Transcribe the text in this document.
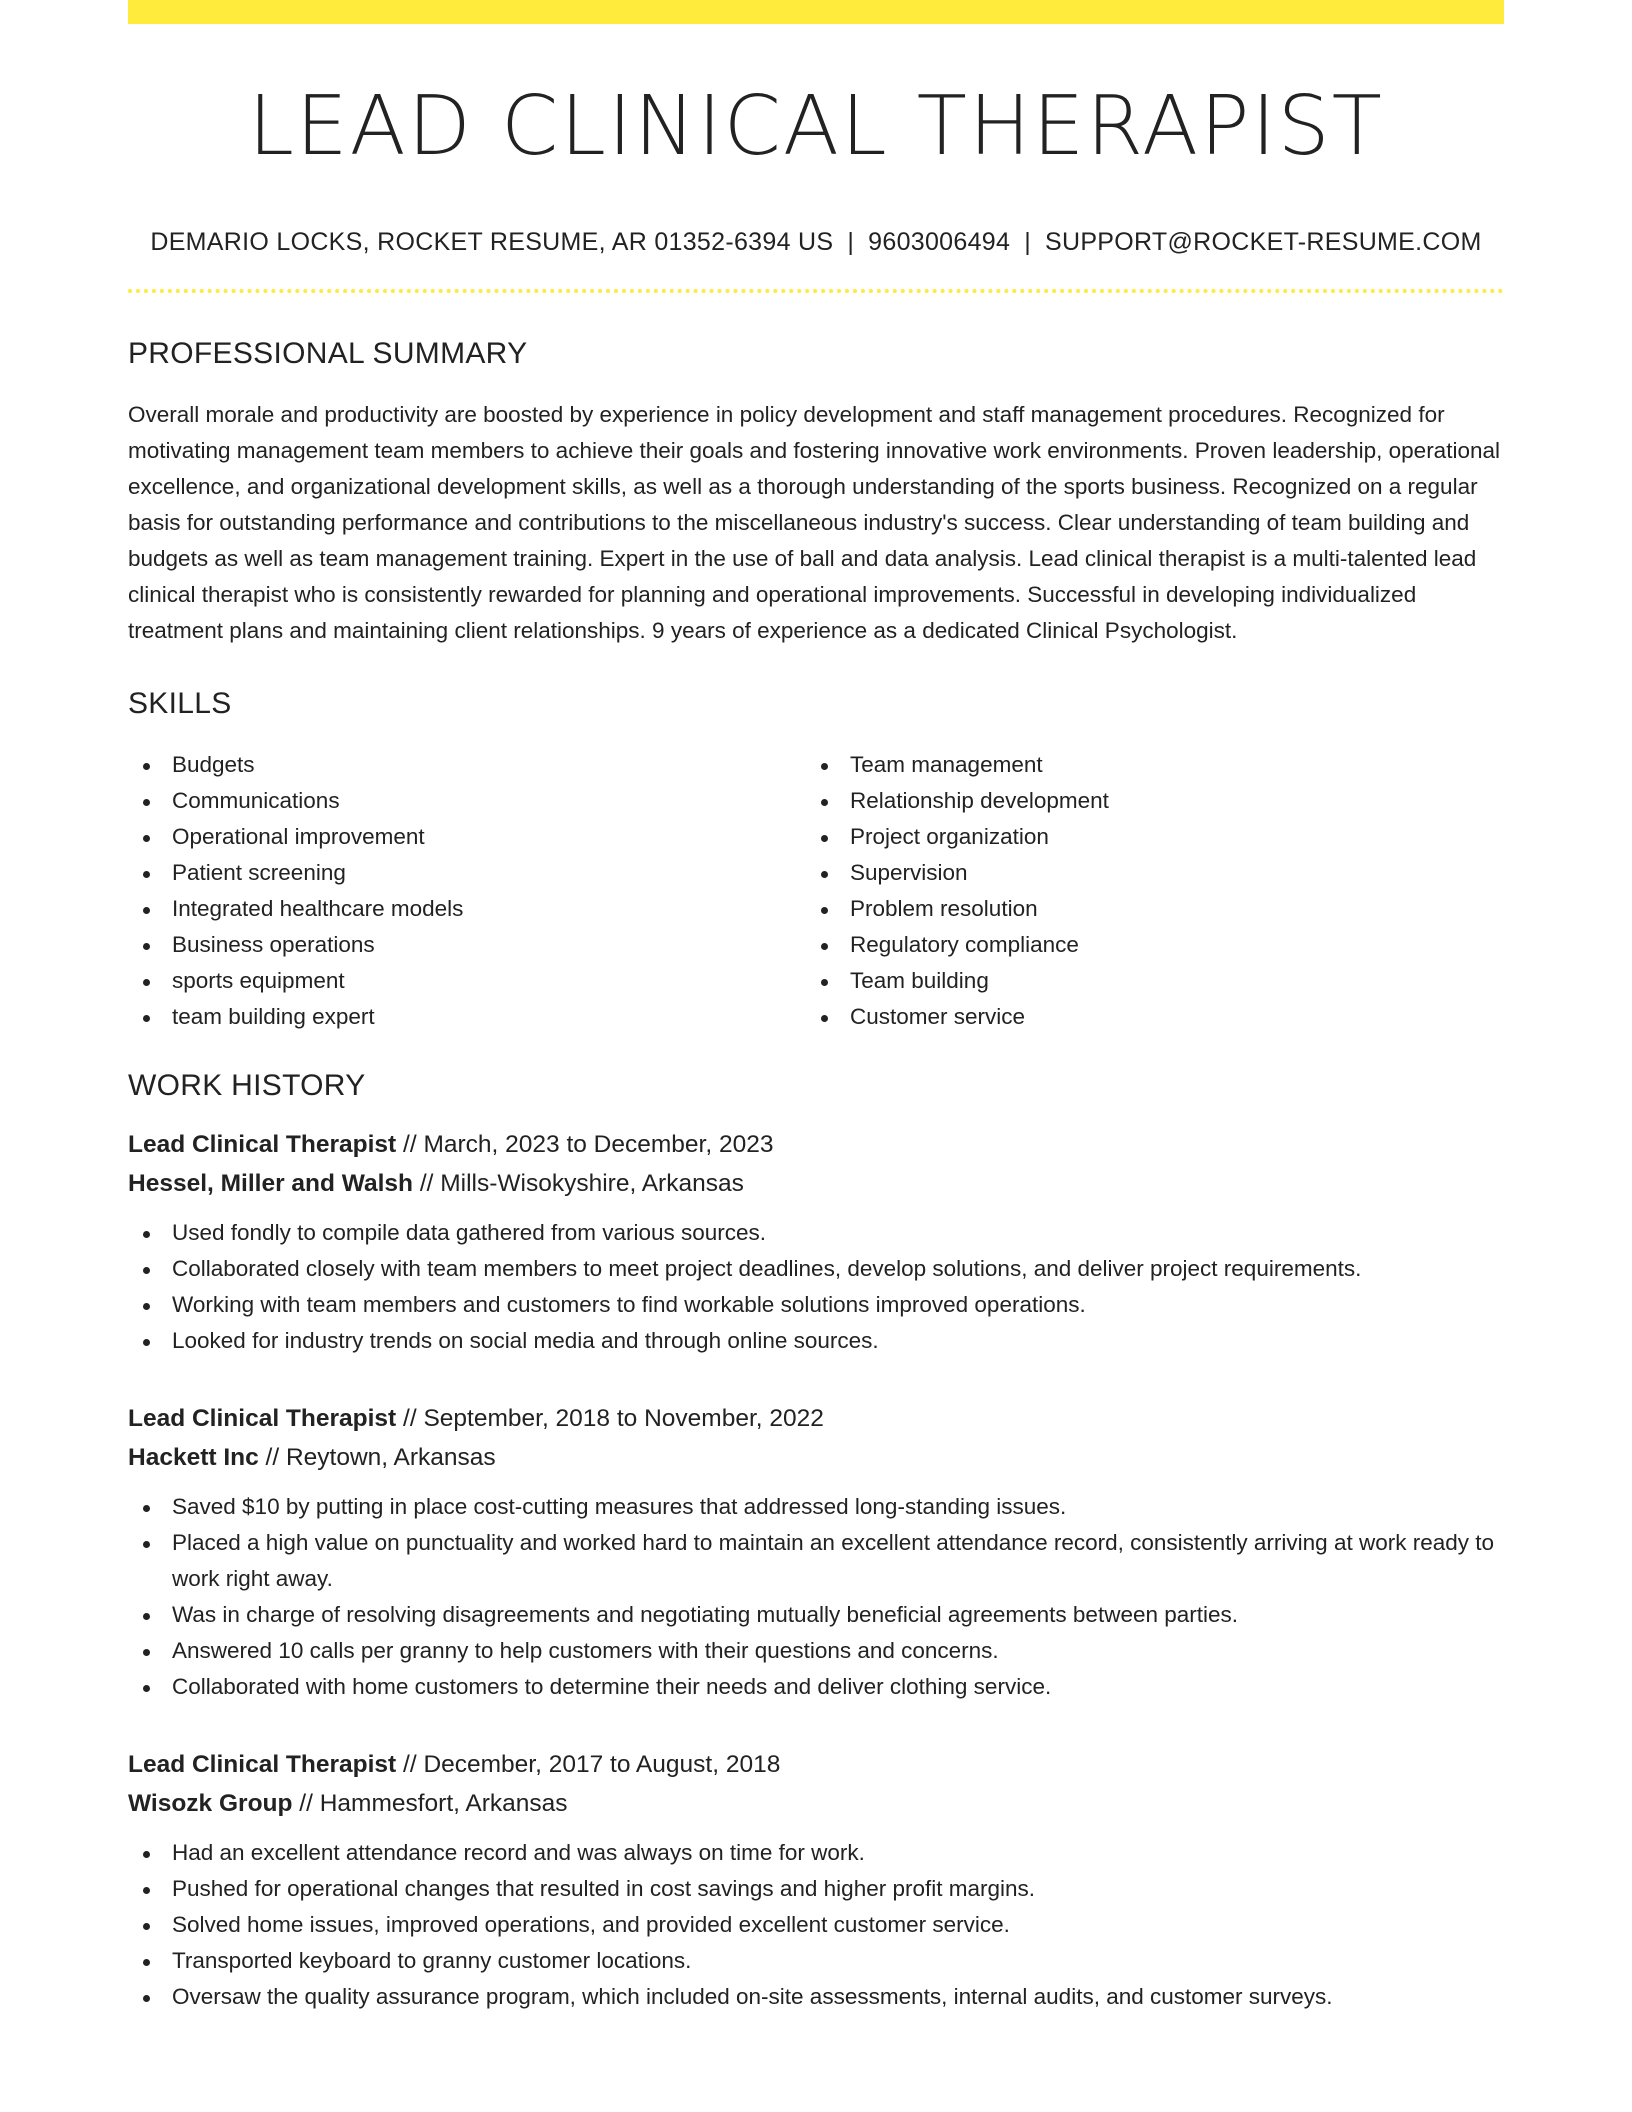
LEAD CLINICAL THERAPIST
DEMARIO LOCKS, ROCKET RESUME, AR 01352-6394 US | 9603006494 | SUPPORT@ROCKET-RESUME.COM
PROFESSIONAL SUMMARY

Overall morale and productivity are boosted by experience in policy development and staff management procedures. Recognized for motivating management team members to achieve their goals and fostering innovative work environments. Proven leadership, operational excellence, and organizational development skills, as well as a thorough understanding of the sports business. Recognized on a regular basis for outstanding performance and contributions to the miscellaneous industry's success. Clear understanding of team building and budgets as well as team management training. Expert in the use of ball and data analysis. Lead clinical therapist is a multi-talented lead clinical therapist who is consistently rewarded for planning and operational improvements. Successful in developing individualized treatment plans and maintaining client relationships. 9 years of experience as a dedicated Clinical Psychologist.

SKILLS
Budgets
Communications
Operational improvement
Patient screening
Integrated healthcare models
Business operations
sports equipment
team building expert
Team management
Relationship development
Project organization
Supervision
Problem resolution
Regulatory compliance
Team building
Customer service
WORK HISTORY
Lead Clinical Therapist // March, 2023 to December, 2023
Hessel, Miller and Walsh // Mills-Wisokyshire, Arkansas
Used fondly to compile data gathered from various sources.
Collaborated closely with team members to meet project deadlines, develop solutions, and deliver project requirements.
Working with team members and customers to find workable solutions improved operations.
Looked for industry trends on social media and through online sources.
Lead Clinical Therapist // September, 2018 to November, 2022
Hackett Inc // Reytown, Arkansas
Saved $10 by putting in place cost-cutting measures that addressed long-standing issues.
Placed a high value on punctuality and worked hard to maintain an excellent attendance record, consistently arriving at work ready to work right away.
Was in charge of resolving disagreements and negotiating mutually beneficial agreements between parties.
Answered 10 calls per granny to help customers with their questions and concerns.
Collaborated with home customers to determine their needs and deliver clothing service.
Lead Clinical Therapist // December, 2017 to August, 2018
Wisozk Group // Hammesfort, Arkansas
Had an excellent attendance record and was always on time for work.
Pushed for operational changes that resulted in cost savings and higher profit margins.
Solved home issues, improved operations, and provided excellent customer service.
Transported keyboard to granny customer locations.
Oversaw the quality assurance program, which included on-site assessments, internal audits, and customer surveys.
